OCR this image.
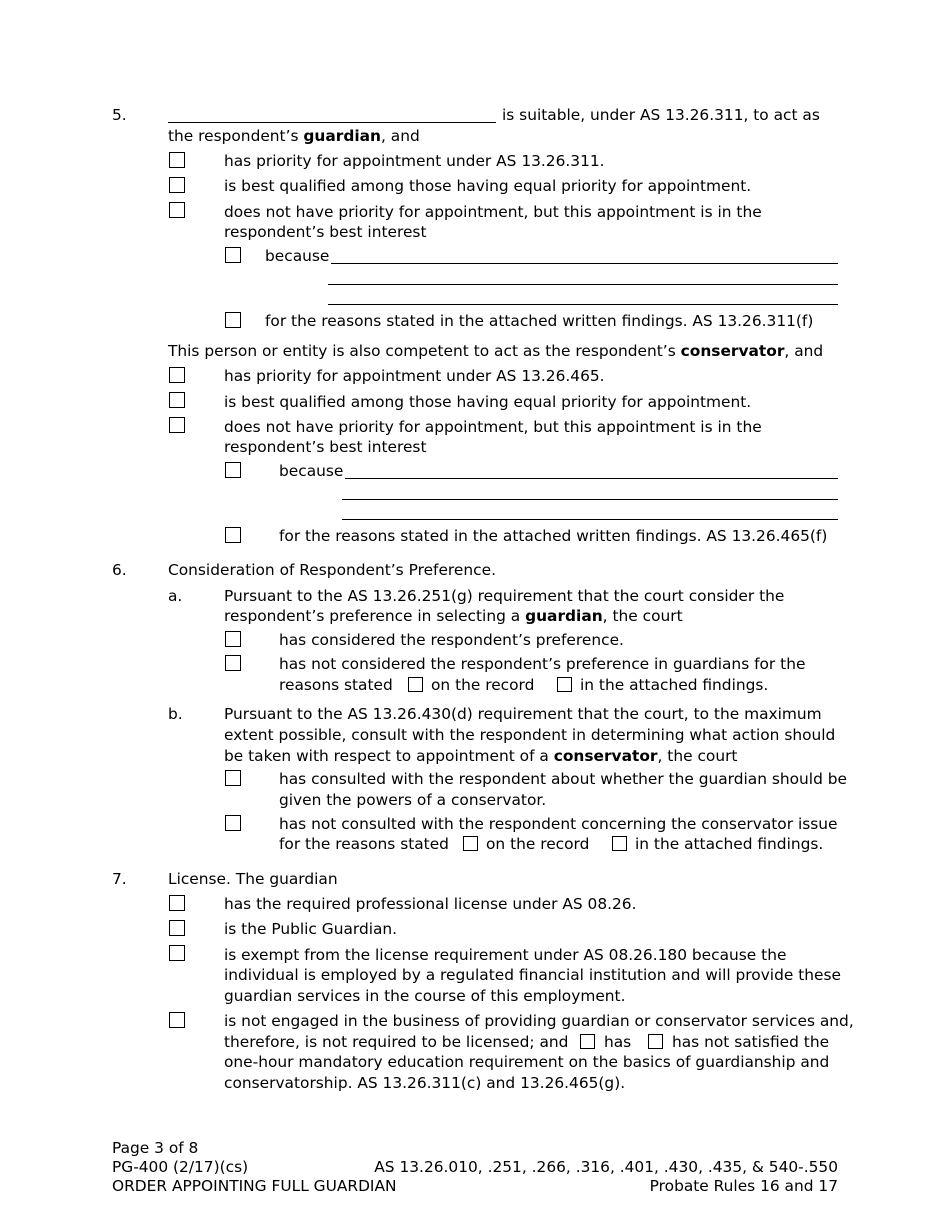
5.	is suitable, under AS 13.26.311, to act as
the respondent’s guardian, and
has priority for appointment under AS 13.26.311.
is best qualified among those having equal priority for appointment.
does not have priority for appointment, but this appointment is in the
respondent’s best interest
because
for the reasons stated in the attached written findings. AS 13.26.311(f)
This person or entity is also competent to act as the respondent’s conservator, and
has priority for appointment under AS 13.26.465.
is best qualified among those having equal priority for appointment.
does not have priority for appointment, but this appointment is in the
respondent’s best interest
because
for the reasons stated in the attached written findings. AS 13.26.465(f)
6.	Consideration of Respondent’s Preference.
a.	Pursuant to the AS 13.26.251(g) requirement that the court consider the
respondent’s preference in selecting a guardian, the court
has considered the respondent’s preference.
has not considered the respondent’s preference in guardians for the
reasons stated on the record	in the attached findings.
b.	Pursuant to the AS 13.26.430(d) requirement that the court, to the maximum
extent possible, consult with the respondent in determining what action should
be taken with respect to appointment of a conservator, the court
has consulted with the respondent about whether the guardian should be
given the powers of a conservator.
has not consulted with the respondent concerning the conservator issue
for the reasons stated on the record	in the attached findings.
7.	License. The guardian
has the required professional license under AS 08.26.
is the Public Guardian.
is exempt from the license requirement under AS 08.26.180 because the
individual is employed by a regulated financial institution and will provide these
guardian services in the course of this employment.
is not engaged in the business of providing guardian or conservator services and,
therefore, is not required to be licensed; and has	has not satisfied the
one-hour mandatory education requirement on the basics of guardianship and
conservatorship. AS 13.26.311(c) and 13.26.465(g).
Page 3 of 8
PG-400 (2/17)(cs)
ORDER APPOINTING FULL GUARDIAN
AS 13.26.010, .251, .266, .316, .401, .430, .435, & 540-.550
Probate Rules 16 and 17
